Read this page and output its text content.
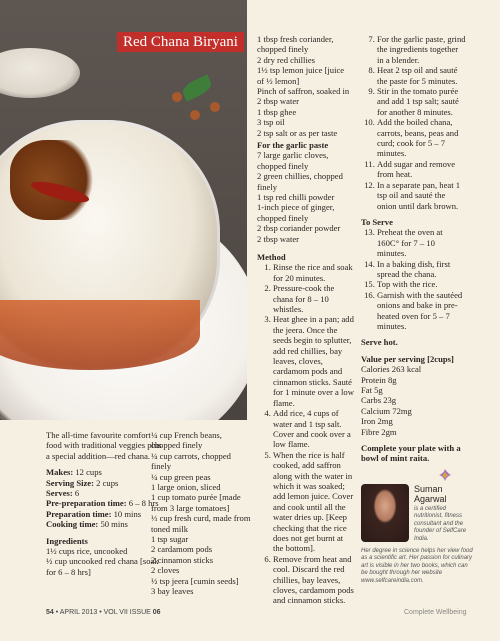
Red Chana Biryani

The all-time favourite comfort food with traditional veggies plus a special addition—red chana.

Makes: 12 cups

Serving Size: 2 cups

Serves: 6

Pre-preparation time: 6 – 8 hrs

Preparation time: 10 mins

Cooking time: 50 mins

Ingredients

1½ cups rice, uncooked

½ cup uncooked red chana [soak for 6 – 8 hrs]

¼ cup French beans, chopped finely

¼ cup carrots, chopped finely

¼ cup green peas

1 large onion, sliced

1 cup tomato purée [made from 3 large tomatoes]

⅓ cup fresh curd, made from toned milk

1 tsp sugar

2 cardamom pods

2 cinnamon sticks

2 cloves

½ tsp jeera [cumin seeds]

3 bay leaves

1 tbsp fresh coriander, chopped finely

2 dry red chillies

1½ tsp lemon juice [juice of ½ lemon]

Pinch of saffron, soaked in 2 tbsp water

1 tbsp ghee

3 tsp oil

2 tsp salt or as per taste

For the garlic paste

7 large garlic cloves, chopped finely

2 green chillies, chopped finely

1 tsp red chilli powder

1-inch piece of ginger, chopped finely

2 tbsp coriander powder

2 tbsp water

Method

1. Rinse the rice and soak for 20 minutes.
2. Pressure-cook the chana for 8 – 10 whistles.
3. Heat ghee in a pan; add the jeera. Once the seeds begin to splutter, add red chillies, bay leaves, cloves, cardamom pods and cinnamon sticks. Sauté for 1 minute over a low flame.
4. Add rice, 4 cups of water and 1 tsp salt. Cover and cook over a low flame.
5. When the rice is half cooked, add saffron along with the water in which it was soaked; add lemon juice. Cover and cook until all the water dries up. [Keep checking that the rice does not get burnt at the bottom].
6. Remove from heat and cool. Discard the red chillies, bay leaves, cloves, cardamom pods and cinnamon sticks.
7. For the garlic paste, grind the ingredients together in a blender.
8. Heat 2 tsp oil and sauté the paste for 5 minutes.
9. Stir in the tomato purée and add 1 tsp salt; sauté for another 8 minutes.
10. Add the boiled chana, carrots, beans, peas and curd; cook for 5 – 7 minutes.
11. Add sugar and remove from heat.
12. In a separate pan, heat 1 tsp oil and sauté the onion until dark brown.

To Serve

13. Preheat the oven at 160C° for 7 – 10 minutes.
14. In a baking dish, first spread the chana.
15. Top with the rice.
16. Garnish with the sautéed onions and bake in pre-heated oven for 5 – 7 minutes.

Serve hot.

Value per serving [2cups]

Calories 263 kcal

Protein 8g

Fat 5g

Carbs 23g

Calcium 72mg

Iron 2mg

Fibre 2gm

Complete your plate with a bowl of mint raita.

Suman
Agarwal
is a certified nutritionist, fitness consultant and the founder of SelfCare India.
Her degree in science helps her view food as a scientific art. Her passion for culinary art is visible in her two books, which can be bought through her website www.selfcareindia.com.
54 • APRIL 2013 • VOL VII ISSUE 06	Complete Wellbeing
